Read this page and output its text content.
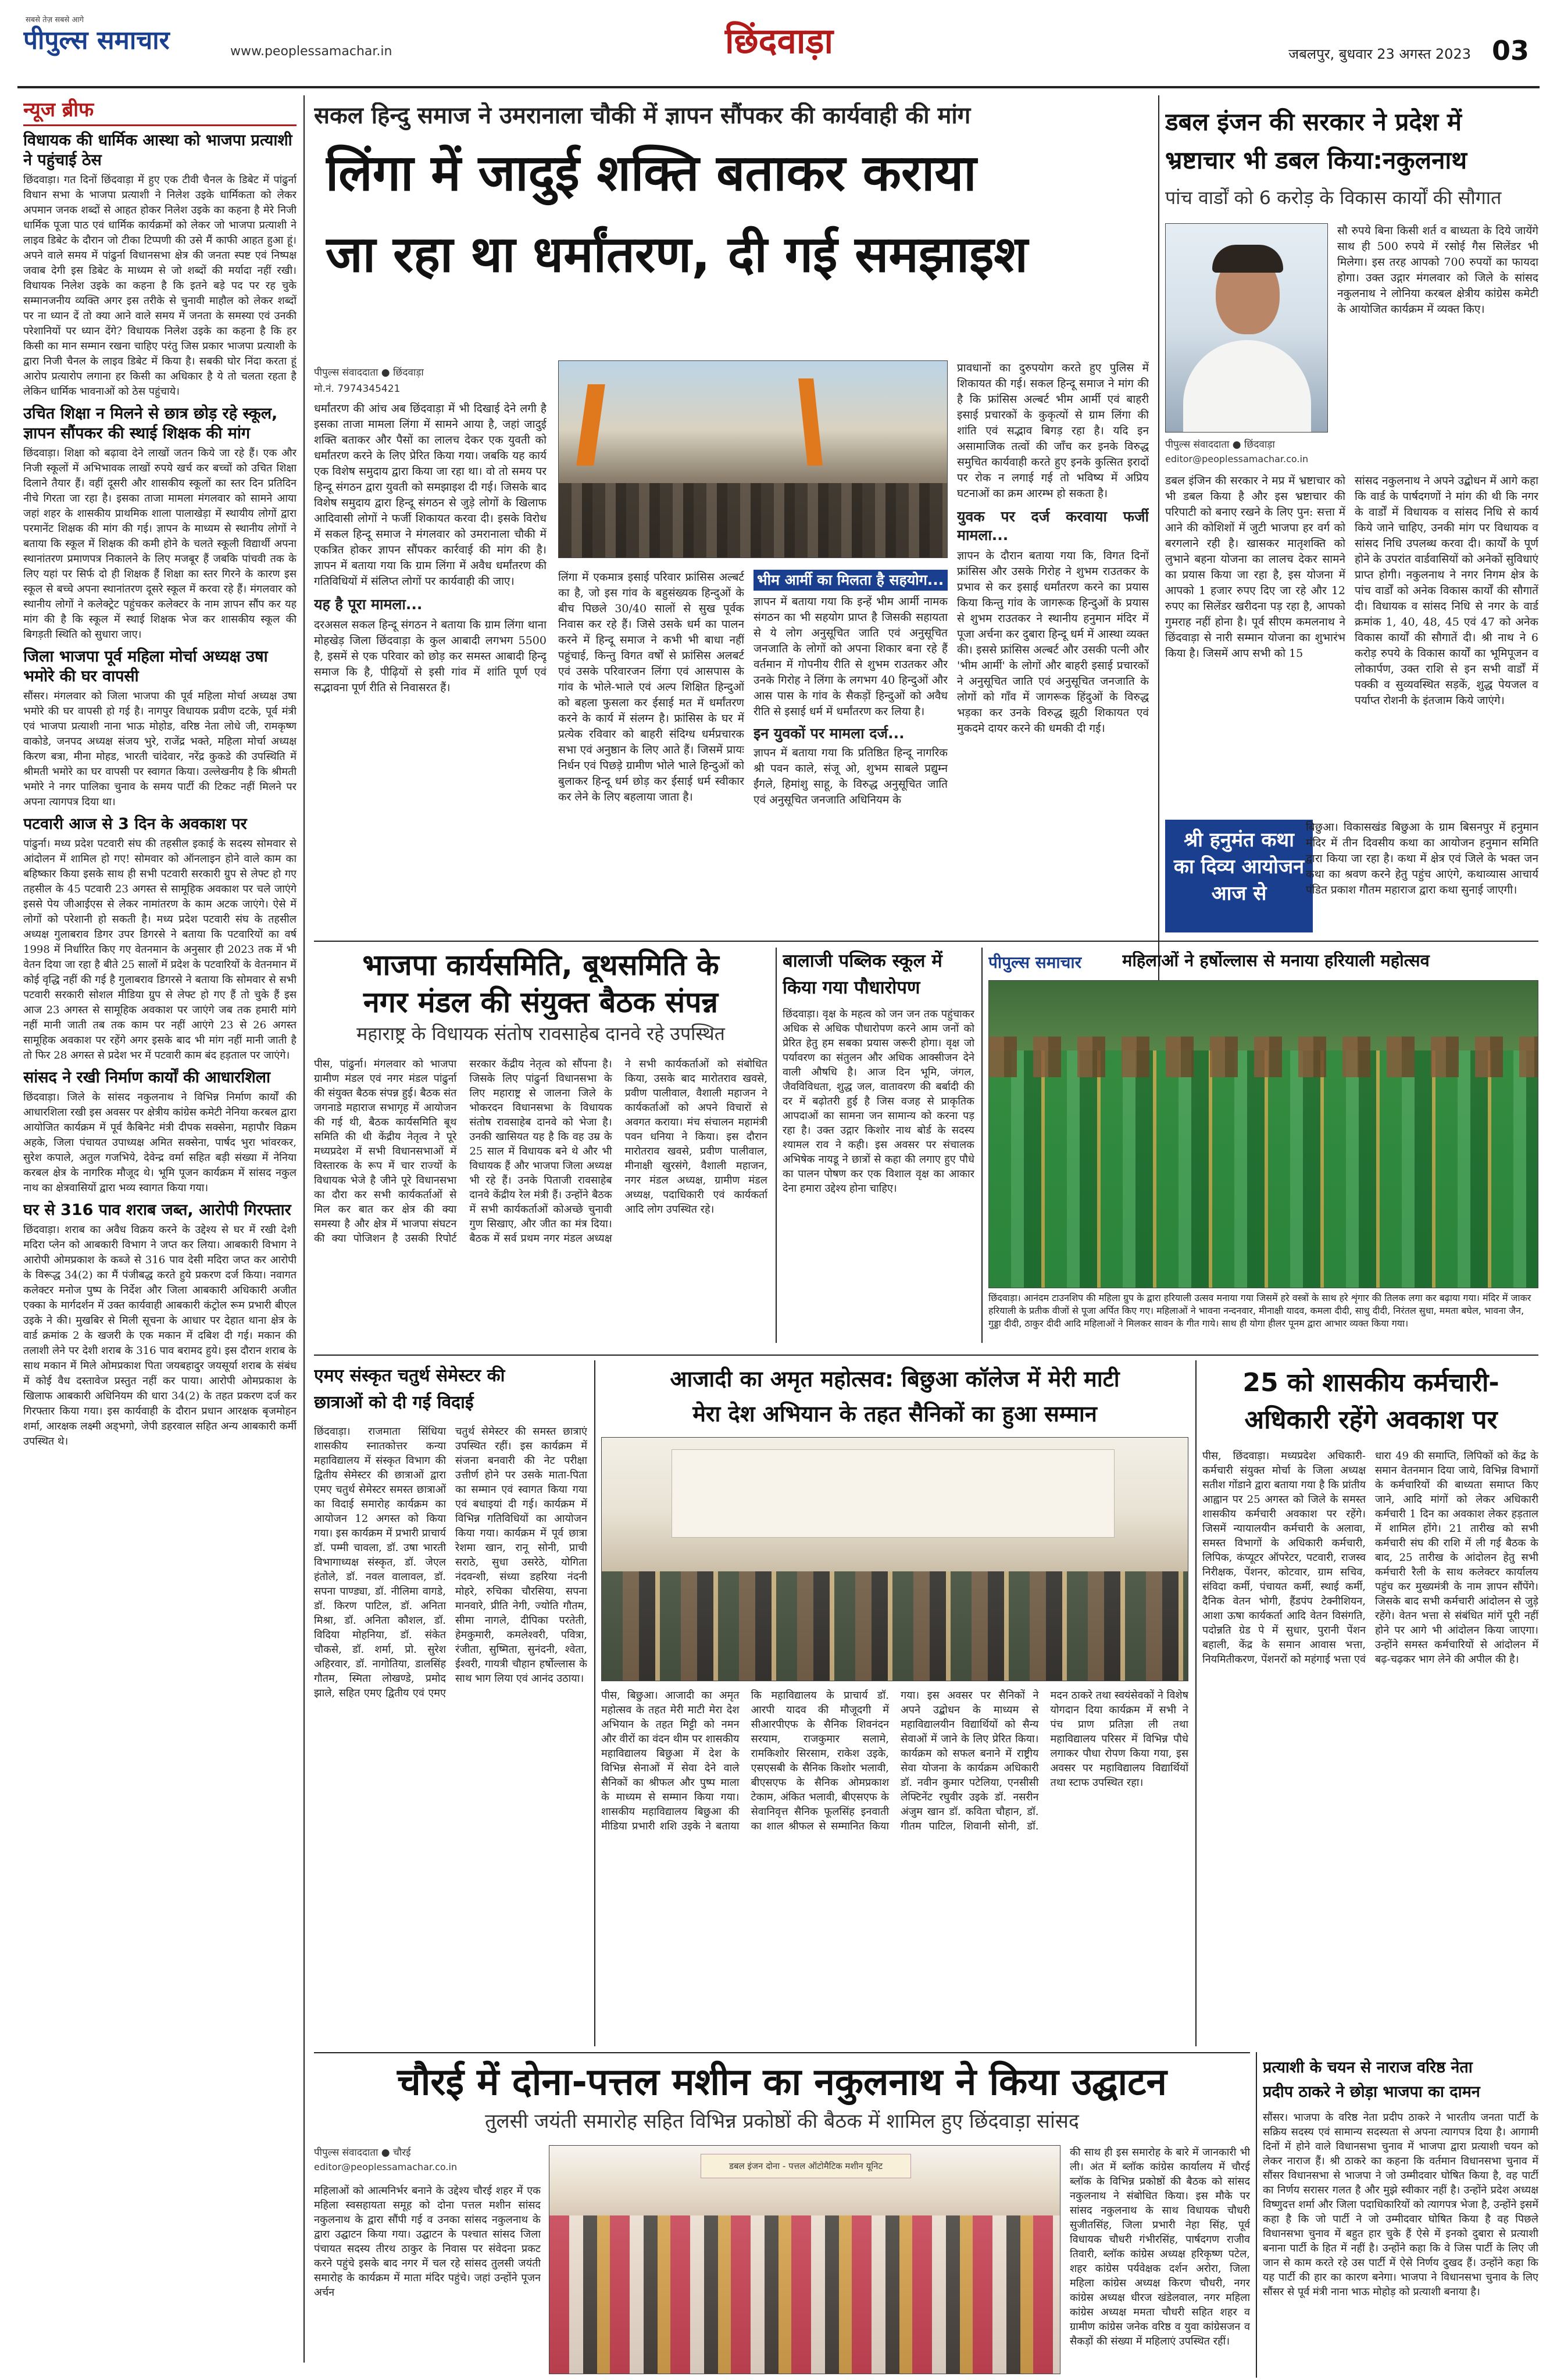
सबसे तेज़ सबसे आगे
पीपुल्स समाचार	www.peoplessamachar.in	छिंदवाड़ा	जबलपुर, बुधवार 23 अगस्त 2023 03
न्यूज ब्रीफ
विधायक की धार्मिक आस्था को भाजपा प्रत्याशी ने पहुंचाई ठेस

छिंदवाड़ा। गत दिनों छिंदवाड़ा में हुए एक टीवी चैनल के डिबेट में पांढुर्ना विधान सभा के भाजपा प्रत्याशी ने निलेश उइके धार्मिकता को लेकर अपमान जनक शब्दों से आहत होकर निलेश उइके का कहना है मेरे निजी धार्मिक पूजा पाठ एवं धार्मिक कार्यक्रमों को लेकर जो भाजपा प्रत्याशी ने लाइव डिबेट के दौरान जो टीका टिप्पणी की उसे मैं काफी आहत हुआ हूं। अपने वाले समय में पांढुर्ना विधानसभा क्षेत्र की जनता स्पष्ट एवं निष्पक्ष जवाब देगी इस डिबेट के माध्यम से जो शब्दों की मर्यादा नहीं रखी। विधायक निलेश उइके का कहना है कि इतने बड़े पद पर रह चुके सम्मानजनीय व्यक्ति अगर इस तरीके से चुनावी माहौल को लेकर शब्दों पर ना ध्यान दें तो क्या आने वाले समय में जनता के समस्या एवं उनकी परेशानियों पर ध्यान देंगे? विधायक निलेश उइके का कहना है कि हर किसी का मान सम्मान रखना चाहिए परंतु जिस प्रकार भाजपा प्रत्याशी के द्वारा निजी चैनल के लाइव डिबेट में किया है। सबकी घोर निंदा करता हूं आरोप प्रत्यारोप लगाना हर किसी का अधिकार है ये तो चलता रहता है लेकिन धार्मिक भावनाओं को ठेस पहुंचाये।

उचित शिक्षा न मिलने से छात्र छोड़ रहे स्कूल, ज्ञापन सौंपकर की स्थाई शिक्षक की मांग

छिंदवाड़ा। शिक्षा को बढ़ावा देने लाखों जतन किये जा रहे हैं। एक और निजी स्कूलों में अभिभावक लाखों रुपये खर्च कर बच्चों को उचित शिक्षा दिलाने तैयार हैं। वहीं दूसरी और शासकीय स्कूलों का स्तर दिन प्रतिदिन नीचे गिरता जा रहा है। इसका ताजा मामला मंगलवार को सामने आया जहां शहर के शासकीय प्राथमिक शाला पालाखेड़ा में स्थायीय लोगों द्वारा परमानेंट शिक्षक की मांग की गई। ज्ञापन के माध्यम से स्थानीय लोगों ने बताया कि स्कूल में शिक्षक की कमी होने के चलते स्कूली विद्यार्थी अपना स्थानांतरण प्रमाणपत्र निकालने के लिए मजबूर हैं जबकि पांचवी तक के लिए यहां पर सिर्फ दो ही शिक्षक हैं शिक्षा का स्तर गिरने के कारण इस स्कूल से बच्चे अपना स्थानांतरण दूसरे स्कूल में करवा रहे हैं। मंगलवार को स्थानीय लोगों ने कलेक्ट्रेट पहुंचकर कलेक्टर के नाम ज्ञापन सौंप कर यह मांग की है कि स्कूल में स्थाई शिक्षक भेज कर शासकीय स्कूल की बिगड़ती स्थिति को सुधारा जाए।

जिला भाजपा पूर्व महिला मोर्चा अध्यक्ष उषा भमोरे की घर वापसी

सौंसर। मंगलवार को जिला भाजपा की पूर्व महिला मोर्चा अध्यक्ष उषा भमोरे की घर वापसी हो गई है। नागपुर विधायक प्रवीण दटके, पूर्व मंत्री एवं भाजपा प्रत्याशी नाना भाऊ मोहोड, वरिष्ठ नेता लोधे जी, रामकृष्ण वाकोडे, जनपद अध्यक्ष संजय भुरे, राजेंद्र भक्ते, महिला मोर्चा अध्यक्ष किरण बत्रा, मीना मोहड, भारती चांदेवार, नरेंद्र कुकडे की उपस्थिति में श्रीमती भमोरे का घर वापसी पर स्वागत किया। उल्लेखनीय है कि श्रीमती भमोरे ने नगर पालिका चुनाव के समय पार्टी की टिकट नहीं मिलने पर अपना त्यागपत्र दिया था।

पटवारी आज से 3 दिन के अवकाश पर

पांढुर्ना। मध्य प्रदेश पटवारी संघ की तहसील इकाई के सदस्य सोमवार से आंदोलन में शामिल हो गए! सोमवार को ऑनलाइन होने वाले काम का बहिष्कार किया इसके साथ ही सभी पटवारी सरकारी ग्रुप से लेफ्ट हो गए तहसील के 45 पटवारी 23 अगस्त से सामूहिक अवकाश पर चले जाएंगे इससे पेय जीआईएस से लेकर नामांतरण के काम अटक जाएंगे। ऐसे में लोगों को परेशानी हो सकती है। मध्य प्रदेश पटवारी संघ के तहसील अध्यक्ष गुलाबराव डिगर उपर डिगरसे ने बताया कि पटवारियों का वर्ष 1998 में निर्धारित किए गए वेतनमान के अनुसार ही 2023 तक में भी वेतन दिया जा रहा है बीते 25 सालों में प्रदेश के पटवारियों के वेतनमान में कोई वृद्धि नहीं की गई है गुलाबराव डिगरसे ने बताया कि सोमवार से सभी पटवारी सरकारी सोशल मीडिया ग्रुप से लेफ्ट हो गए हैं तो चुके हैं इस आज 23 अगस्त से सामूहिक अवकाश पर जाएंगे जब तक हमारी मांगे नहीं मानी जाती तब तक काम पर नहीं आएंगे 23 से 26 अगस्त सामूहिक अवकाश पर रहेंगे अगर इसके बाद भी मांग नहीं मानी जाती है तो फिर 28 अगस्त से प्रदेश भर में पटवारी काम बंद हड़ताल पर जाएंगे।

सांसद ने रखी निर्माण कार्यों की आधारशिला

छिंदवाड़ा। जिले के सांसद नकुलनाथ ने विभिन्न निर्माण कार्यों की आधारशिला रखी इस अवसर पर क्षेत्रीय कांग्रेस कमेटी नेनिया करबल द्वारा आयोजित कार्यक्रम में पूर्व कैबिनेट मंत्री दीपक सक्सेना, महापौर विक्रम अहके, जिला पंचायत उपाध्यक्ष अमित सक्सेना, पार्षद भुरा भांवरकर, सुरेश कपाले, अतुल गजभिये, देवेन्द्र वर्मा सहित बड़ी संख्या में नेनिया करबल क्षेत्र के नागरिक मौजूद थे। भूमि पूजन कार्यक्रम में सांसद नकुल नाथ का क्षेत्रवासियों द्वारा भव्य स्वागत किया गया।

घर से 316 पाव शराब जब्त, आरोपी गिरफ्तार

छिंदवाड़ा। शराब का अवैध विक्रय करने के उद्देश्य से घर में रखी देशी मदिरा प्लेन को आबकारी विभाग ने जप्त कर लिया। आबकारी विभाग ने आरोपी ओमप्रकाश के कब्जे से 316 पाव देसी मदिरा जप्त कर आरोपी के विरूद्ध 34(2) का मैं पंजीबद्ध करते हुये प्रकरण दर्ज किया। नवागत कलेक्टर मनोज पुष्प के निर्देश और जिला आबकारी अधिकारी अजीत एक्का के मार्गदर्शन में उक्त कार्यवाही आबकारी कंट्रोल रूम प्रभारी बीएल उइके ने की। मुखबिर से मिली सूचना के आधार पर देहात थाना क्षेत्र के वार्ड क्रमांक 2 के खजरी के एक मकान में दबिश दी गई। मकान की तलाशी लेने पर देशी शराब के 316 पाव बरामद हुये। इस दौरान शराब के साथ मकान में मिले ओमप्रकाश पिता जयबहादुर जयसूर्या शराब के संबंध में कोई वैध दस्तावेज प्रस्तुत नहीं कर पाया। आरोपी ओमप्रकाश के खिलाफ आबकारी अधिनियम की धारा 34(2) के तहत प्रकरण दर्ज कर गिरफ्तार किया गया। इस कार्यवाही के दौरान प्रधान आरक्षक बृजमोहन शर्मा, आरक्षक लक्ष्मी अड्भगो, जेपी डहरवाल सहित अन्य आबकारी कर्मी उपस्थित थे।

सकल हिन्दु समाज ने उमरानाला चौकी में ज्ञापन सौंपकर की कार्यवाही की मांग
लिंगा में जादुई शक्ति बताकर कराया
जा रहा था धर्मांतरण, दी गई समझाइश
पीपुल्स संवाददाता ● छिंदवाड़ा
मो.नं. 7974345421
धर्मांतरण की आंच अब छिंदवाड़ा में भी दिखाई देने लगी है इसका ताजा मामला लिंगा में सामने आया है, जहां जादुई शक्ति बताकर और पैसों का लालच देकर एक युवती को धर्मांतरण करने के लिए प्रेरित किया गया। जबकि यह कार्य एक विशेष समुदाय द्वारा किया जा रहा था। वो तो समय पर हिन्दू संगठन द्वारा युवती को समझाइश दी गई। जिसके बाद विशेष समुदाय द्वारा हिन्दू संगठन से जुड़े लोगों के खिलाफ आदिवासी लोगों ने फर्जी शिकायत करवा दी। इसके विरोध में सकल हिन्दू समाज ने मंगलवार को उमरानाला चौकी में एकत्रित होकर ज्ञापन सौंपकर कार्रवाई की मांग की है। ज्ञापन में बताया गया कि ग्राम लिंगा में अवैध धर्मांतरण की गतिविधियों में संलिप्त लोगों पर कार्यवाही की जाए।
यह है पूरा मामला...
दरअसल सकल हिन्दू संगठन ने बताया कि ग्राम लिंगा थाना मोहखेड़ जिला छिंदवाड़ा के कुल आबादी लगभग 5500 है, इसमें से एक परिवार को छोड़ कर समस्त आबादी हिन्दू समाज कि है, पीढ़ियों से इसी गांव में शांति पूर्ण एवं सद्भावना पूर्ण रीति से निवासरत हैं।
लिंगा में एकमात्र इसाई परिवार फ्रांसिस अल्बर्ट का है, जो इस गांव के बहुसंख्यक हिन्दुओं के बीच पिछले 30/40 सालों से सुख पूर्वक निवास कर रहे हैं। जिसे उसके धर्म का पालन करने में हिन्दू समाज ने कभी भी बाधा नहीं पहुंचाई, किन्तु विगत वर्षों से फ्रांसिस अलबर्ट एवं उसके परिवारजन लिंगा एवं आसपास के गांव के भोले-भाले एवं अल्प शिक्षित हिन्दुओं को बहला फुसला कर ईसाई मत में धर्मांतरण करने के कार्य में संलग्न है। फ्रांसिस के घर में प्रत्येक रविवार को बाहरी संदिग्ध धर्मप्रचारक सभा एवं अनुष्ठान के लिए आते हैं। जिसमें प्रायः निर्धन एवं पिछड़े ग्रामीण भोले भाले हिन्दुओं को बुलाकर हिन्दू धर्म छोड़ कर ईसाई धर्म स्वीकार कर लेने के लिए बहलाया जाता है।
भीम आर्मी का मिलता है सहयोग...
ज्ञापन में बताया गया कि इन्हें भीम आर्मी नामक संगठन का भी सहयोग प्राप्त है जिसकी सहायता से ये लोग अनुसूचित जाति एवं अनुसूचित जनजाति के लोगों को अपना शिकार बना रहे हैं वर्तमान में गोपनीय रीति से शुभम राउतकर और उनके गिरोह ने लिंगा के लगभग 40 हिन्दुओं और आस पास के गांव के सैकड़ों हिन्दुओं को अवैध रीति से इसाई धर्म में धर्मांतरण कर लिया है।
इन युवकों पर मामला दर्ज...
ज्ञापन में बताया गया कि प्रतिष्ठित हिन्दू नागरिक श्री पवन काले, संजू ओ, शुभम साबले प्रद्युम्न ईंगले, हिमांशु साहू, के विरुद्ध अनुसूचित जाति एवं अनुसूचित जनजाति अधिनियम के
प्रावधानों का दुरुपयोग करते हुए पुलिस में शिकायत की गई। सकल हिन्दू समाज ने मांग की है कि फ्रांसिस अल्बर्ट भीम आर्मी एवं बाहरी इसाई प्रचारकों के कुकृत्यों से ग्राम लिंगा की शांति एवं सद्भाव बिगड़ रहा है। यदि इन असामाजिक तत्वों की जाँच कर इनके विरुद्ध समुचित कार्यवाही करते हुए इनके कुत्सित इरादों पर रोक न लगाई गई तो भविष्य में अप्रिय घटनाओं का क्रम आरम्भ हो सकता है।
युवक पर दर्ज करवाया फर्जी मामला...
ज्ञापन के दौरान बताया गया कि, विगत दिनों फ्रांसिस और उसके गिरोह ने शुभम राउतकर के प्रभाव से कर इसाई धर्मांतरण करने का प्रयास किया किन्तु गांव के जागरूक हिन्दुओं के प्रयास से शुभम राउतकर ने स्थानीय हनुमान मंदिर में पूजा अर्चना कर दुबारा हिन्दू धर्म में आस्था व्यक्त की। इससे फ्रांसिस अल्बर्ट और उसकी पत्नी और 'भीम आर्मी' के लोगों और बाहरी इसाई प्रचारकों ने अनुसूचित जाति एवं अनुसूचित जनजाति के लोगों को गाँव में जागरूक हिंदुओं के विरुद्ध भड़का कर उनके विरुद्ध झूठी शिकायत एवं मुकदमे दायर करने की धमकी दी गई।
डबल इंजन की सरकार ने प्रदेश में
भ्रष्टाचार भी डबल किया:नकुलनाथ
पांच वार्डों को 6 करोड़ के विकास कार्यों की सौगात
पीपुल्स संवाददाता ● छिंदवाड़ा
editor@peoplessamachar.co.in
सौ रुपये बिना किसी शर्त व बाध्यता के दिये जायेंगे साथ ही 500 रुपये में रसोई गैस सिलेंडर भी मिलेगा। इस तरह आपको 700 रुपयों का फायदा होगा। उक्त उद्गार मंगलवार को जिले के सांसद नकुलनाथ ने लोनिया करबल क्षेत्रीय कांग्रेस कमेटी के आयोजित कार्यक्रम में व्यक्त किए।
डबल इंजिन की सरकार ने मप्र में भ्रष्टाचार को भी डबल किया है और इस भ्रष्टाचार की परिपाटी को बनाए रखने के लिए पुन: सत्ता में आने की कोशिशों में जुटी भाजपा हर वर्ग को बरगलाने रही है। खासकर मातृशक्ति को लुभाने बहना योजना का लालच देकर सामने का प्रयास किया जा रहा है, इस योजना में आपको 1 हजार रुपए दिए जा रहे और 12 रुपए का सिलेंडर खरीदना पड़ रहा है, आपको गुमराह नहीं होना है। पूर्व सीएम कमलनाथ ने छिंदवाड़ा से नारी सम्मान योजना का शुभारंभ किया है। जिसमें आप सभी को 15
सांसद नकुलनाथ ने अपने उद्बोधन में आगे कहा कि वार्ड के पार्षदगणों ने मांग की थी कि नगर के वार्डों में विधायक व सांसद निधि से कार्य किये जाने चाहिए, उनकी मांग पर विधायक व सांसद निधि उपलब्ध करवा दी। कार्यों के पूर्ण होने के उपरांत वार्डवासियों को अनेकों सुविधाएं प्राप्त होगी। नकुलनाथ ने नगर निगम क्षेत्र के पांच वार्डों को अनेक विकास कार्यों की सौगातें दी। विधायक व सांसद निधि से नगर के वार्ड क्रमांक 1, 40, 48, 45 एवं 47 को अनेक विकास कार्यों की सौगातें दी। श्री नाथ ने 6 करोड़ रुपये के विकास कार्यों का भूमिपूजन व लोकार्पण, उक्त राशि से इन सभी वार्डों में पक्की व सुव्यवस्थित सड़कें, शुद्ध पेयजल व पर्याप्त रोशनी के इंतजाम किये जाएंगे।
श्री हनुमंत कथा का दिव्य आयोजन आज से
बिछुआ। विकासखंड बिछुआ के ग्राम बिसनपुर में हनुमान मंदिर में तीन दिवसीय कथा का आयोजन हनुमान समिति द्वारा किया जा रहा है। कथा में क्षेत्र एवं जिले के भक्त जन कथा का श्रवण करने हेतु पहुंच आएंगे, कथाव्यास आचार्य पंडित प्रकाश गौतम महाराज द्वारा कथा सुनाई जाएगी।
भाजपा कार्यसमिति, बूथसमिति के
नगर मंडल की संयुक्त बैठक संपन्न
महाराष्ट्र के विधायक संतोष रावसाहेब दानवे रहे उपस्थित
पीस, पांढुर्ना। मंगलवार को भाजपा ग्रामीण मंडल एवं नगर मंडल पांढुर्ना की संयुक्त बैठक संपन्न हुई। बैठक संत जगनाडे महाराज सभागृह में आयोजन की गई थी, बैठक कार्यसमिति बूथ समिति की थी केंद्रीय नेतृत्व ने पूरे मध्यप्रदेश में सभी विधानसभाओं में विस्तारक के रूप में चार राज्यों के विधायक भेजे है जीने पूरे विधानसभा का दौरा कर सभी कार्यकर्ताओं से मिल कर बात कर क्षेत्र की क्या समस्या है और क्षेत्र में भाजपा संघटन की क्या पोजिशन है उसकी रिपोर्ट सरकार केंद्रीय नेतृत्व को सौंपना है। जिसके लिए पांढुर्ना विधानसभा के लिए महाराष्ट्र से जालना जिले के भोकरदन विधानसभा के विधायक संतोष रावसाहेब दानवे को भेजा है। उनकी खासियत यह है कि वह उम्र के 25 साल में विधायक बने थे और भी विधायक हैं और भाजपा जिला अध्यक्ष भी रहे हैं। उनके पिताजी रावसाहेब दानवे केंद्रीय रेल मंत्री हैं। उन्होंने बैठक में सभी कार्यकर्ताओं कोअच्छे चुनावी गुण सिखाए, और जीत का मंत्र दिया। बैठक में सर्व प्रथम नगर मंडल अध्यक्ष ने सभी कार्यकर्ताओं को संबोधित किया, उसके बाद मारोतराव खवसे, प्रवीण पालीवाल, वैशाली महाजन ने कार्यकर्ताओं को अपने विचारों से अवगत कराया। मंच संचालन महामंत्री पवन धनिया ने किया। इस दौरान मारोतराव खवसे, प्रवीण पालीवाल, मीनाक्षी खुरसंगे, वैशाली महाजन, नगर मंडल अध्यक्ष, ग्रामीण मंडल अध्यक्ष, पदाधिकारी एवं कार्यकर्ता आदि लोग उपस्थित रहे।
बालाजी पब्लिक स्कूल में
किया गया पौधारोपण
छिंदवाड़ा। वृक्ष के महत्व को जन जन तक पहुंचाकर अधिक से अधिक पौधारोपण करने आम जनों को प्रेरित हेतु हम सबका प्रयास जरूरी होगा। वृक्ष जो पर्यावरण का संतुलन और अधिक आक्सीजन देने वाली औषधि है। आज दिन भूमि, जंगल, जैवविविधता, शुद्ध जल, वातावरण की बर्बादी की दर में बढ़ोतरी हुई है जिस वजह से प्राकृतिक आपदाओं का सामना जन सामान्य को करना पड़ रहा है। उक्त उद्गार किशोर नाथ बोर्ड के सदस्य श्यामल राव ने कही। इस अवसर पर संचालक अभिषेक नायडू ने छात्रों से कहा की लगाए हुए पौधे का पालन पोषण कर एक विशाल वृक्ष का आकार देना हमारा उद्देश्य होना चाहिए।
पीपुल्स समाचार	महिलाओं ने हर्षोल्लास से मनाया हरियाली महोत्सव
छिंदवाड़ा। आनंदम टाउनशिप की महिला ग्रुप के द्वारा हरियाली उत्सव मनाया गया जिसमें हरे वस्त्रों के साथ हरे शृंगार की तिलक लगा कर बढ़ाया गया। मंदिर में जाकर हरियाली के प्रतीक वीजों से पूजा अर्पित किए गए। महिलाओं ने भावना नन्दनवार, मीनाक्षी यादव, कमला दीदी, साधु दीदी, निरंतल सुधा, ममता बघेल, भावना जैन, गुड्डा दीदी, ठाकुर दीदी आदि महिलाओं ने मिलकर सावन के गीत गाये। साथ ही योगा हीलर पूनम द्वारा आभार व्यक्त किया गया।
एमए संस्कृत चतुर्थ सेमेस्टर की
छात्राओं को दी गई विदाई
छिंदवाड़ा। राजमाता सिंधिया शासकीय स्नातकोत्तर कन्या महाविद्यालय में संस्कृत विभाग की द्वितीय सेमेस्टर की छात्राओं द्वारा एमए चतुर्थ सेमेस्टर समस्त छात्राओं का विदाई समारोह कार्यक्रम का आयोजन 12 अगस्त को किया गया। इस कार्यक्रम में प्रभारी प्राचार्य डॉ. पम्मी चावला, डॉ. उषा भारती विभागाध्यक्ष संस्कृत, डॉ. जेएल हंतोले, डॉ. नवल वालावल, डॉ. सपना पाण्ड्या, डॉ. नीलिमा वागडे, डॉ. किरण पाटिल, डॉ. अनिता मिश्रा, डॉ. अनिता कौशल, डॉ. विदिया मोहनिया, डॉ. संकेत चौकसे, डॉ. शर्मा, प्रो. सुरेश अहिरवार, डॉ. नागोतिया, डालसिंह गौतम, स्मिता लोखण्डे, प्रमोद झाले, सहित एमए द्वितीय एवं एमए चतुर्थ सेमेस्टर की समस्त छात्राएं उपस्थित रहीं। इस कार्यक्रम में संजना बनवारी की नेट परीक्षा उत्तीर्ण होने पर उसके माता-पिता का सम्मान एवं स्वागत किया गया एवं बधाइयां दी गई। कार्यक्रम में विभिन्न गतिविधियों का आयोजन किया गया। कार्यक्रम में पूर्व छात्रा रेशमा खान, रानू सोनी, प्राची सराठे, सुधा उसरेठे, योगिता नंदवन्शी, संध्या डहरिया नंदनी मोहरे, रुचिका चौरसिया, सपना मानवारे, प्रीति नेगी, ज्योति गौतम, सीमा नागले, दीपिका परतेती, हेमकुमारी, कमलेश्वरी, पवित्रा, रंजीता, सुष्मिता, सुनंदनी, श्वेता, ईश्वरी, गायत्री चौहान हर्षोल्लास के साथ भाग लिया एवं आनंद उठाया।
आजादी का अमृत महोत्सव: बिछुआ कॉलेज में मेरी माटी
मेरा देश अभियान के तहत सैनिकों का हुआ सम्मान
पीस, बिछुआ। आजादी का अमृत महोत्सव के तहत मेरी माटी मेरा देश अभियान के तहत मिट्टी को नमन और वीरों का वंदन थीम पर शासकीय महाविद्यालय बिछुआ में देश के विभिन्न सेनाओं में सेवा देने वाले सैनिकों का श्रीफल और पुष्प माला के माध्यम से सम्मान किया गया। शासकीय महाविद्यालय बिछुआ की मीडिया प्रभारी शशि उइके ने बताया कि महाविद्यालय के प्राचार्य डॉ. आरपी यादव की मौजूदगी में सीआरपीएफ के सैनिक शिवनंदन सरयाम, राजकुमार सलामे, रामकिशोर सिरसाम, राकेश उइके, एसएसबी के सैनिक किशोर भलावी, बीएसएफ के सैनिक ओमप्रकाश टेकाम, अंकित भलावी, बीएसएफ के सेवानिवृत्त सैनिक फूलसिंह इनवाती का शाल श्रीफल से सम्मानित किया गया। इस अवसर पर सैनिकों ने अपने उद्बोधन के माध्यम से महाविद्यालयीन विद्यार्थियों को सैन्य सेवाओं में जाने के लिए प्रेरित किया। कार्यक्रम को सफल बनाने में राष्ट्रीय सेवा योजना के कार्यक्रम अधिकारी डॉ. नवीन कुमार पटेलिया, एनसीसी लेफ्टिनेंट रघुवीर उइके डॉ. नसरीन अंजुम खान डॉ. कविता चौहान, डॉ. गीतम पाटिल, शिवानी सोनी, डॉ. मदन ठाकरे तथा स्वयंसेवकों ने विशेष योगदान दिया कार्यक्रम में सभी ने पंच प्राण प्रतिज्ञा ली तथा महाविद्यालय परिसर में विभिन्न पौधे लगाकर पौधा रोपण किया गया, इस अवसर पर महाविद्यालय विद्यार्थियों तथा स्टाफ उपस्थित रहा।
25 को शासकीय कर्मचारी-
अधिकारी रहेंगे अवकाश पर
पीस, छिंदवाड़ा। मध्यप्रदेश अधिकारी-कर्मचारी संयुक्त मोर्चा के जिला अध्यक्ष सतीश गोंडाने द्वारा बताया गया है कि प्रांतीय आह्वान पर 25 अगस्त को जिले के समस्त शासकीय कर्मचारी अवकाश पर रहेंगे। जिसमें न्यायालयीन कर्मचारी के अलावा, समस्त विभागों के अधिकारी कर्मचारी, लिपिक, कंप्यूटर ऑपरेटर, पटवारी, राजस्व निरीक्षक, पेंशनर, कोटवार, ग्राम सचिव, संविदा कर्मी, पंचायत कर्मी, स्थाई कर्मी, दैनिक वेतन भोगी, हैंडपंप टेक्नीशियन, आशा ऊषा कार्यकर्ता आदि वेतन विसंगति, पदोन्नति ग्रेड पे में सुधार, पुरानी पेंशन बहाली, केंद्र के समान आवास भत्ता, नियमितीकरण, पेंशनरों को महंगाई भत्ता एवं धारा 49 की समाप्ति, लिपिकों को केंद्र के समान वेतनमान दिया जाये, विभिन्न विभागों के कर्मचारियों की बाध्यता समाप्त किए जाने, आदि मांगों को लेकर अधिकारी कर्मचारी 1 दिन का अवकाश लेकर हड़ताल में शामिल होंगे। 21 तारीख को सभी कर्मचारी संघ की राशि में ली गई बैठक के बाद, 25 तारीख के आंदोलन हेतु सभी कर्मचारी रैली के साथ कलेक्टर कार्यालय पहुंच कर मुख्यमंत्री के नाम ज्ञापन सौंपेंगे। जिसके बाद सभी कर्मचारी आंदोलन से जुड़े रहेंगे। वेतन भत्ता से संबंधित मांगें पूरी नहीं होने पर आगे भी आंदोलन किया जाएगा। उन्होंने समस्त कर्मचारियों से आंदोलन में बढ़-चढ़कर भाग लेने की अपील की है।
चौरई में दोना-पत्तल मशीन का नकुलनाथ ने किया उद्घाटन
तुलसी जयंती समारोह सहित विभिन्न प्रकोष्ठों की बैठक में शामिल हुए छिंदवाड़ा सांसद
पीपुल्स संवाददाता ● चौरई
editor@peoplessamachar.co.in
महिलाओं को आत्मनिर्भर बनाने के उद्देश्य चौरई शहर में एक महिला स्वसहायता समूह को दोना पत्तल मशीन सांसद नकुलनाथ के द्वारा सौंपी गई व उनका सांसद नकुलनाथ के द्वारा उद्घाटन किया गया। उद्घाटन के पश्चात सांसद जिला पंचायत सदस्य तीरथ ठाकुर के निवास पर संवेदना प्रकट करने पहुंचे इसके बाद नगर में चल रहे सांसद तुलसी जयंती समारोह के कार्यक्रम में माता मंदिर पहुंचे। जहां उन्होंने पूजन अर्चन
डबल इंजन दोना - पत्तल ऑटोमैटिक मशीन यूनिट
की साथ ही इस समारोह के बारे में जानकारी भी ली। अंत में ब्लॉक कांग्रेस कार्यालय में चौरई ब्लॉक के विभिन्न प्रकोष्ठों की बैठक को सांसद नकुलनाथ ने संबोधित किया। इस मौके पर सांसद नकुलनाथ के साथ विधायक चौधरी सुजीतसिंह, जिला प्रभारी नेहा सिंह, पूर्व विधायक चौधरी गंभीरसिंह, पार्षदगण राजीव तिवारी, ब्लॉक कांग्रेस अध्यक्ष हरिकृष्ण पटेल, शहर कांग्रेस पर्यवेक्षक दर्शन अरोरा, जिला महिला कांग्रेस अध्यक्ष किरण चौधरी, नगर कांग्रेस अध्यक्ष धीरज खंडेलवाल, नगर महिला कांग्रेस अध्यक्ष ममता चौधरी सहित शहर व ग्रामीण कांग्रेस जनेक वरिष्ठ व युवा कांग्रेसजन व सैकड़ों की संख्या में महिलाएं उपस्थित रहीं।
प्रत्याशी के चयन से नाराज वरिष्ठ नेता
प्रदीप ठाकरे ने छोड़ा भाजपा का दामन
सौंसर। भाजपा के वरिष्ठ नेता प्रदीप ठाकरे ने भारतीय जनता पार्टी के सक्रिय सदस्य एवं सामान्य सदस्यता से अपना त्यागपत्र दिया है। आगामी दिनों में होने वाले विधानसभा चुनाव में भाजपा द्वारा प्रत्याशी चयन को लेकर नाराज हैं। श्री ठाकरे का कहना कि वर्तमान विधानसभा चुनाव में सौंसर विधानसभा से भाजपा ने जो उम्मीदवार घोषित किया है, वह पार्टी का निर्णय सरासर गलत है और मुझे स्वीकार नहीं है। उन्होंने प्रदेश अध्यक्ष विष्णुदत्त शर्मा और जिला पदाधिकारियों को त्यागपत्र भेजा है, उन्होंने इसमें कहा है कि जो पार्टी ने जो उम्मीदवार घोषित किया है वह पिछले विधानसभा चुनाव में बहुत हार चुके हैं ऐसे में इनको दुबारा से प्रत्याशी बनाना पार्टी के हित में नहीं है। उन्होंने कहा कि वे जिस पार्टी के लिए जी जान से काम करते रहे उस पार्टी में ऐसे निर्णय दुखद हैं। उन्होंने कहा कि यह पार्टी की हार का कारण बनेगा। भाजपा ने विधानसभा चुनाव के लिए सौंसर से पूर्व मंत्री नाना भाऊ मोहोड़ को प्रत्याशी बनाया है।
